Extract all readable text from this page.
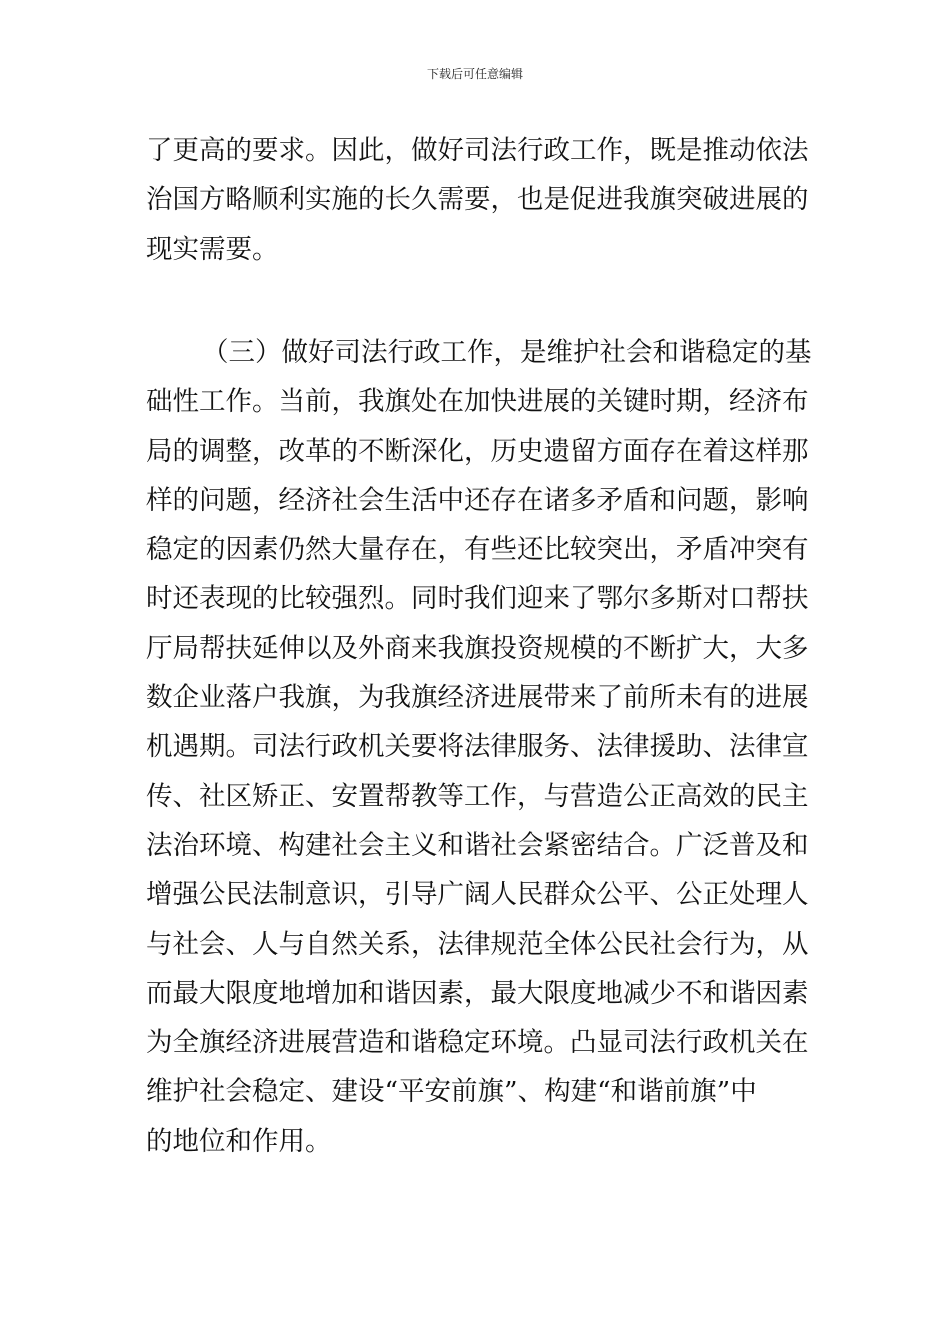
下载后可任意编辑
了更高的要求。因此，做好司法行政工作，既是推动依法
治国方略顺利实施的长久需要，也是促进我旗突破进展的
现实需要。
（三）做好司法行政工作，是维护社会和谐稳定的基
础性工作。当前，我旗处在加快进展的关键时期，经济布
局的调整，改革的不断深化，历史遗留方面存在着这样那
样的问题，经济社会生活中还存在诸多矛盾和问题，影响
稳定的因素仍然大量存在，有些还比较突出，矛盾冲突有
时还表现的比较强烈。同时我们迎来了鄂尔多斯对口帮扶
厅局帮扶延伸以及外商来我旗投资规模的不断扩大，大多
数企业落户我旗，为我旗经济进展带来了前所未有的进展
机遇期。司法行政机关要将法律服务、法律援助、法律宣
传、社区矫正、安置帮教等工作，与营造公正高效的民主
法治环境、构建社会主义和谐社会紧密结合。广泛普及和
增强公民法制意识，引导广阔人民群众公平、公正处理人
与社会、人与自然关系，法律规范全体公民社会行为，从
而最大限度地增加和谐因素，最大限度地减少不和谐因素
为全旗经济进展营造和谐稳定环境。凸显司法行政机关在
维护社会稳定、建设“平安前旗”、构建“和谐前旗”中
的地位和作用。
